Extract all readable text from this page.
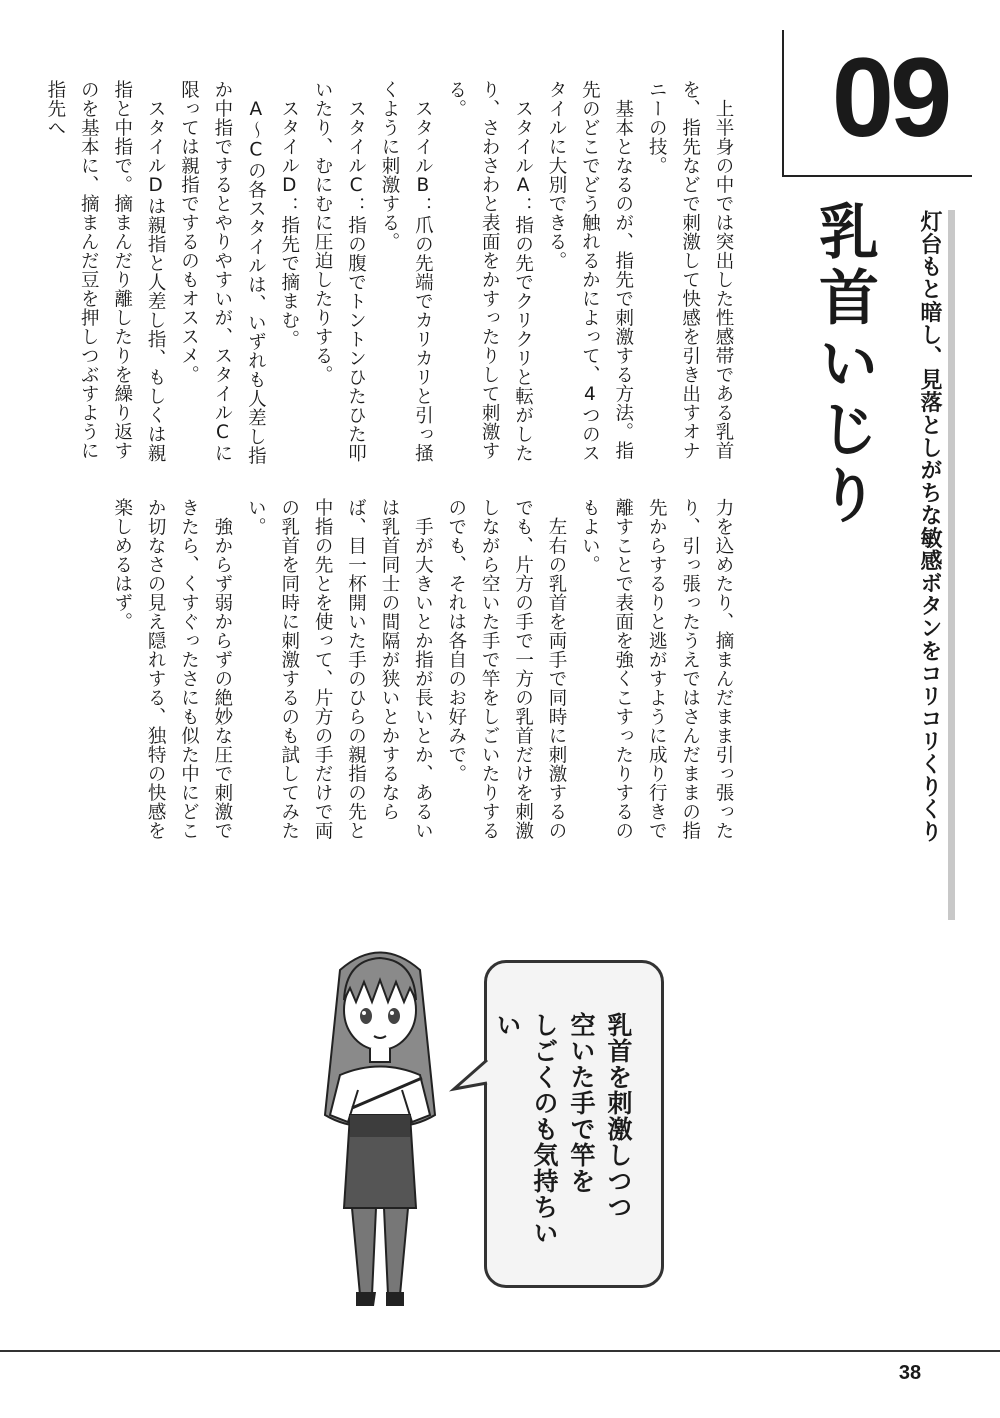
09
乳首いじり 灯台もと暗し、見落としがちな敏感ボタンをコリコリくりくり
上半身の中では突出した性感帯である乳首を、指先などで刺激して快感を引き出すオナニーの技。
基本となるのが、指先で刺激する方法。指先のどこでどう触れるかによって、4つのスタイルに大別できる。
スタイルA：指の先でクリクリと転がしたり、さわさわと表面をかすったりして刺激する。
スタイルB：爪の先端でカリカリと引っ掻くように刺激する。
スタイルC：指の腹でトントンひたひた叩いたり、むにむに圧迫したりする。
スタイルD：指先で摘まむ。
A～Cの各スタイルは、いずれも人差し指か中指でするとやりやすいが、スタイルCに限っては親指でするのもオススメ。
スタイルDは親指と人差し指、もしくは親指と中指で。摘まんだり離したりを繰り返すのを基本に、摘まんだ豆を押しつぶすように指先へ
力を込めたり、摘まんだまま引っ張ったり、引っ張ったうえではさんだままの指先からするりと逃がすように成り行きで離すことで表面を強くこすったりするのもよい。
左右の乳首を両手で同時に刺激するのでも、片方の手で一方の乳首だけを刺激しながら空いた手で竿をしごいたりするのでも、それは各自のお好みで。
手が大きいとか指が長いとか、あるいは乳首同士の間隔が狭いとかするならば、目一杯開いた手のひらの親指の先と中指の先とを使って、片方の手だけで両の乳首を同時に刺激するのも試してみたい。
強からず弱からずの絶妙な圧で刺激できたら、くすぐったさにも似た中にどこか切なさの見え隠れする、独特の快感を楽しめるはず。
乳首を刺激しつつ
空いた手で竿を
しごくのも気持ちいい
38
